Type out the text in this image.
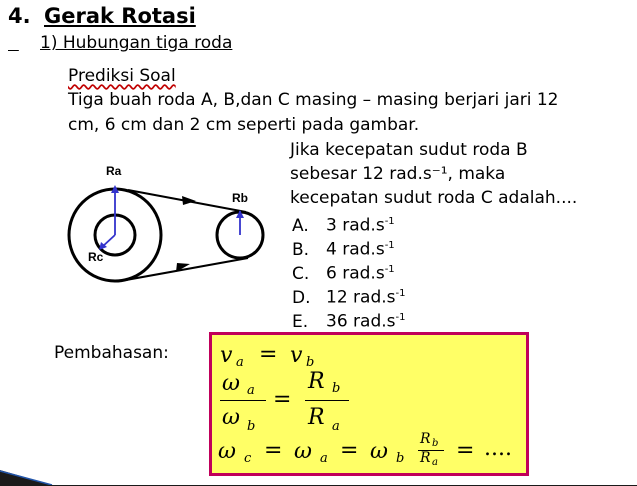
4. Gerak Rotasi

1) Hubungan tiga roda
Prediksi Soal
Tiga buah roda A, B,dan C masing – masing berjari jari 12
cm, 6 cm dan 2 cm seperti pada gambar.
Jika kecepatan sudut roda B
sebesar 12 rad.s⁻¹, maka
kecepatan sudut roda C adalah....
A. 3 $rad.s^{-1}$
B. 4 $rad.s^{-1}$
C. 6 $rad.s^{-1}$
D. 12 $rad.s^{-1}$
E. 36 $rad.s^{-1}$
Ra
Rb
Rc
Pembahasan: v a = v b
ω a
ω b
=
R b
R a
ω c = ω a = ω b
R b
R a = ....
